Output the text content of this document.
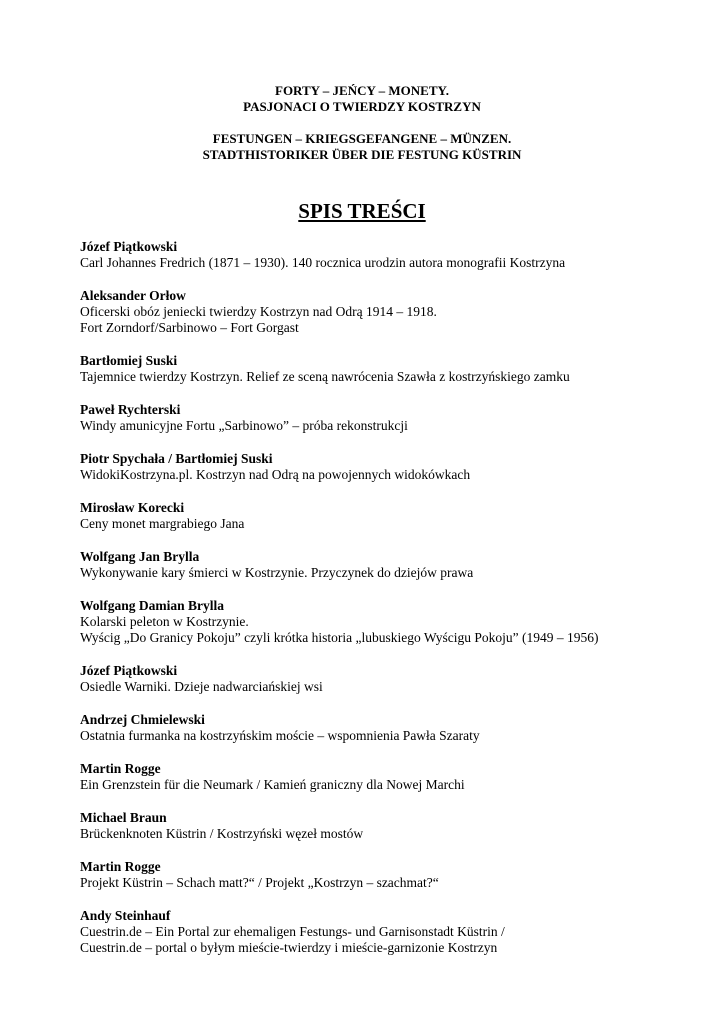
FORTY – JEŃCY – MONETY.

PASJONACI O TWIERDZY KOSTRZYN

FESTUNGEN – KRIEGSGEFANGENE – MÜNZEN.

STADTHISTORIKER ÜBER DIE FESTUNG KÜSTRIN

SPIS TREŚCI
Józef Piątkowski
Carl Johannes Fredrich (1871 – 1930). 140 rocznica urodzin autora monografii Kostrzyna
Aleksander Orłow
Oficerski obóz jeniecki twierdzy Kostrzyn nad Odrą 1914 – 1918.
Fort Zorndorf/Sarbinowo – Fort Gorgast
Bartłomiej Suski
Tajemnice twierdzy Kostrzyn. Relief ze sceną nawrócenia Szawła z kostrzyńskiego zamku
Paweł Rychterski
Windy amunicyjne Fortu „Sarbinowo” – próba rekonstrukcji
Piotr Spychała / Bartłomiej Suski
WidokiKostrzyna.pl. Kostrzyn nad Odrą na powojennych widokówkach
Mirosław Korecki
Ceny monet margrabiego Jana
Wolfgang Jan Brylla
Wykonywanie kary śmierci w Kostrzynie. Przyczynek do dziejów prawa
Wolfgang Damian Brylla
Kolarski peleton w Kostrzynie.
Wyścig „Do Granicy Pokoju” czyli krótka historia „lubuskiego Wyścigu Pokoju” (1949 – 1956)
Józef Piątkowski
Osiedle Warniki. Dzieje nadwarciańskiej wsi
Andrzej Chmielewski
Ostatnia furmanka na kostrzyńskim moście – wspomnienia Pawła Szaraty
Martin Rogge
Ein Grenzstein für die Neumark / Kamień graniczny dla Nowej Marchi
Michael Braun
Brückenknoten Küstrin / Kostrzyński węzeł mostów
Martin Rogge
Projekt Küstrin – Schach matt?“ / Projekt „Kostrzyn – szachmat?“
Andy Steinhauf
Cuestrin.de – Ein Portal zur ehemaligen Festungs- und Garnisonstadt Küstrin /
Cuestrin.de – portal o byłym mieście-twierdzy i mieście-garnizonie Kostrzyn
